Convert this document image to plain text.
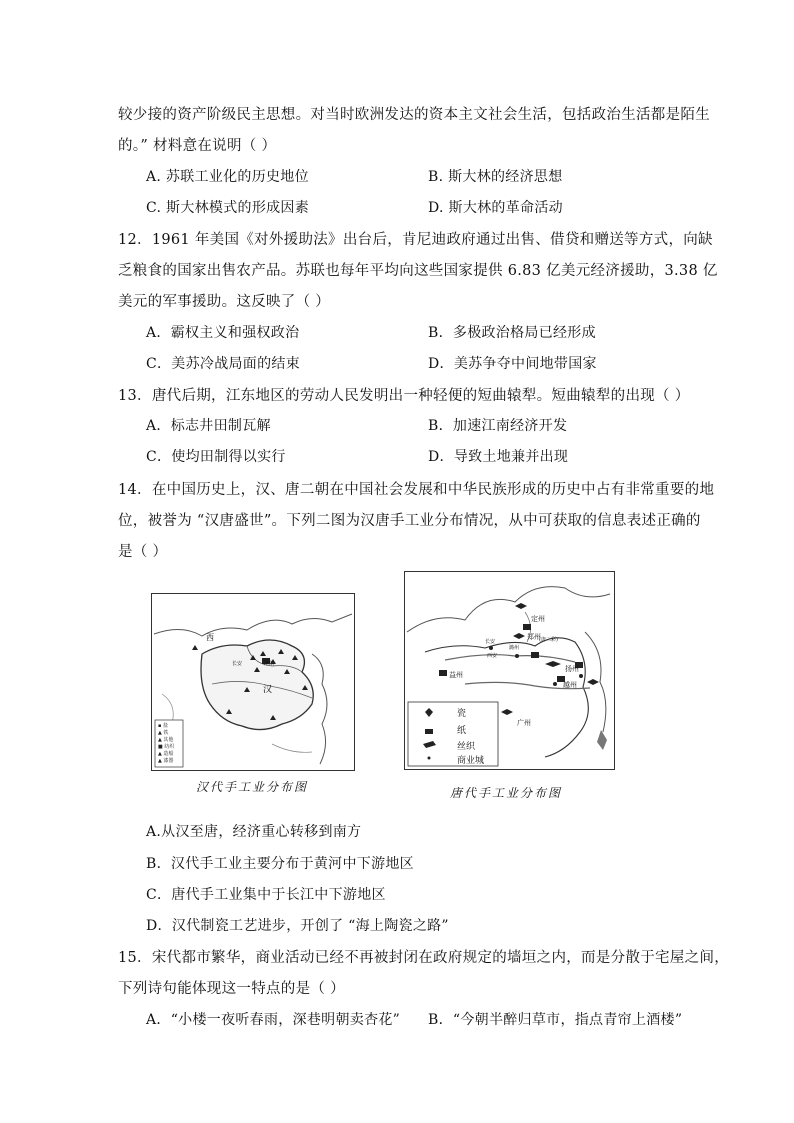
较少接的资产阶级民主思想。对当时欧洲发达的资本主文社会生活，包括政治生活都是陌生
的。” 材料意在说明（ ）
A. 苏联工业化的历史地位	B. 斯大林的经济思想
C. 斯大林模式的形成因素	D. 斯大林的革命活动
12．1961 年美国《对外援助法》出台后，肯尼迪政府通过出售、借贷和赠送等方式，向缺
乏粮食的国家出售农产品。苏联也每年平均向这些国家提供 6.83 亿美元经济援助，3.38 亿
美元的军事援助。这反映了（ ）
A．霸权主义和强权政治	B．多极政治格局已经形成
C．美苏冷战局面的结束	D．美苏争夺中间地带国家
13．唐代后期，江东地区的劳动人民发明出一种轻便的短曲辕犁。短曲辕犁的出现（ ）
A．标志井田制瓦解	B．加速江南经济开发
C．使均田制得以实行	D．导致土地兼并出现
14．在中国历史上，汉、唐二朝在中国社会发展和中华民族形成的历史中占有非常重要的地
位，被誉为 “汉唐盛世”。下列二图为汉唐手工业分布情况，从中可获取的信息表述正确的
是（ ）
▪ 盐
▲ 铁
▲ 其他
■ 纺织
▲ 造船
▲ 漆器
西
汉
长安	洛阳
汉代手工业分布图
瓷
纸
丝织
商业城
定州
郑州
长安
西安
扬州
越州
益州
广州
潞州
(唐三彩)
唐代手工业分布图
A.从汉至唐，经济重心转移到南方
B．汉代手工业主要分布于黄河中下游地区
C．唐代手工业集中于长江中下游地区
D．汉代制瓷工艺进步，开创了 “海上陶瓷之路”
15．宋代都市繁华，商业活动已经不再被封闭在政府规定的墙垣之内，而是分散于宅屋之间，
下列诗句能体现这一特点的是（ ）
A．“小楼一夜听春雨，深巷明朝卖杏花” B．“今朝半醉归草市，指点青帘上酒楼”
